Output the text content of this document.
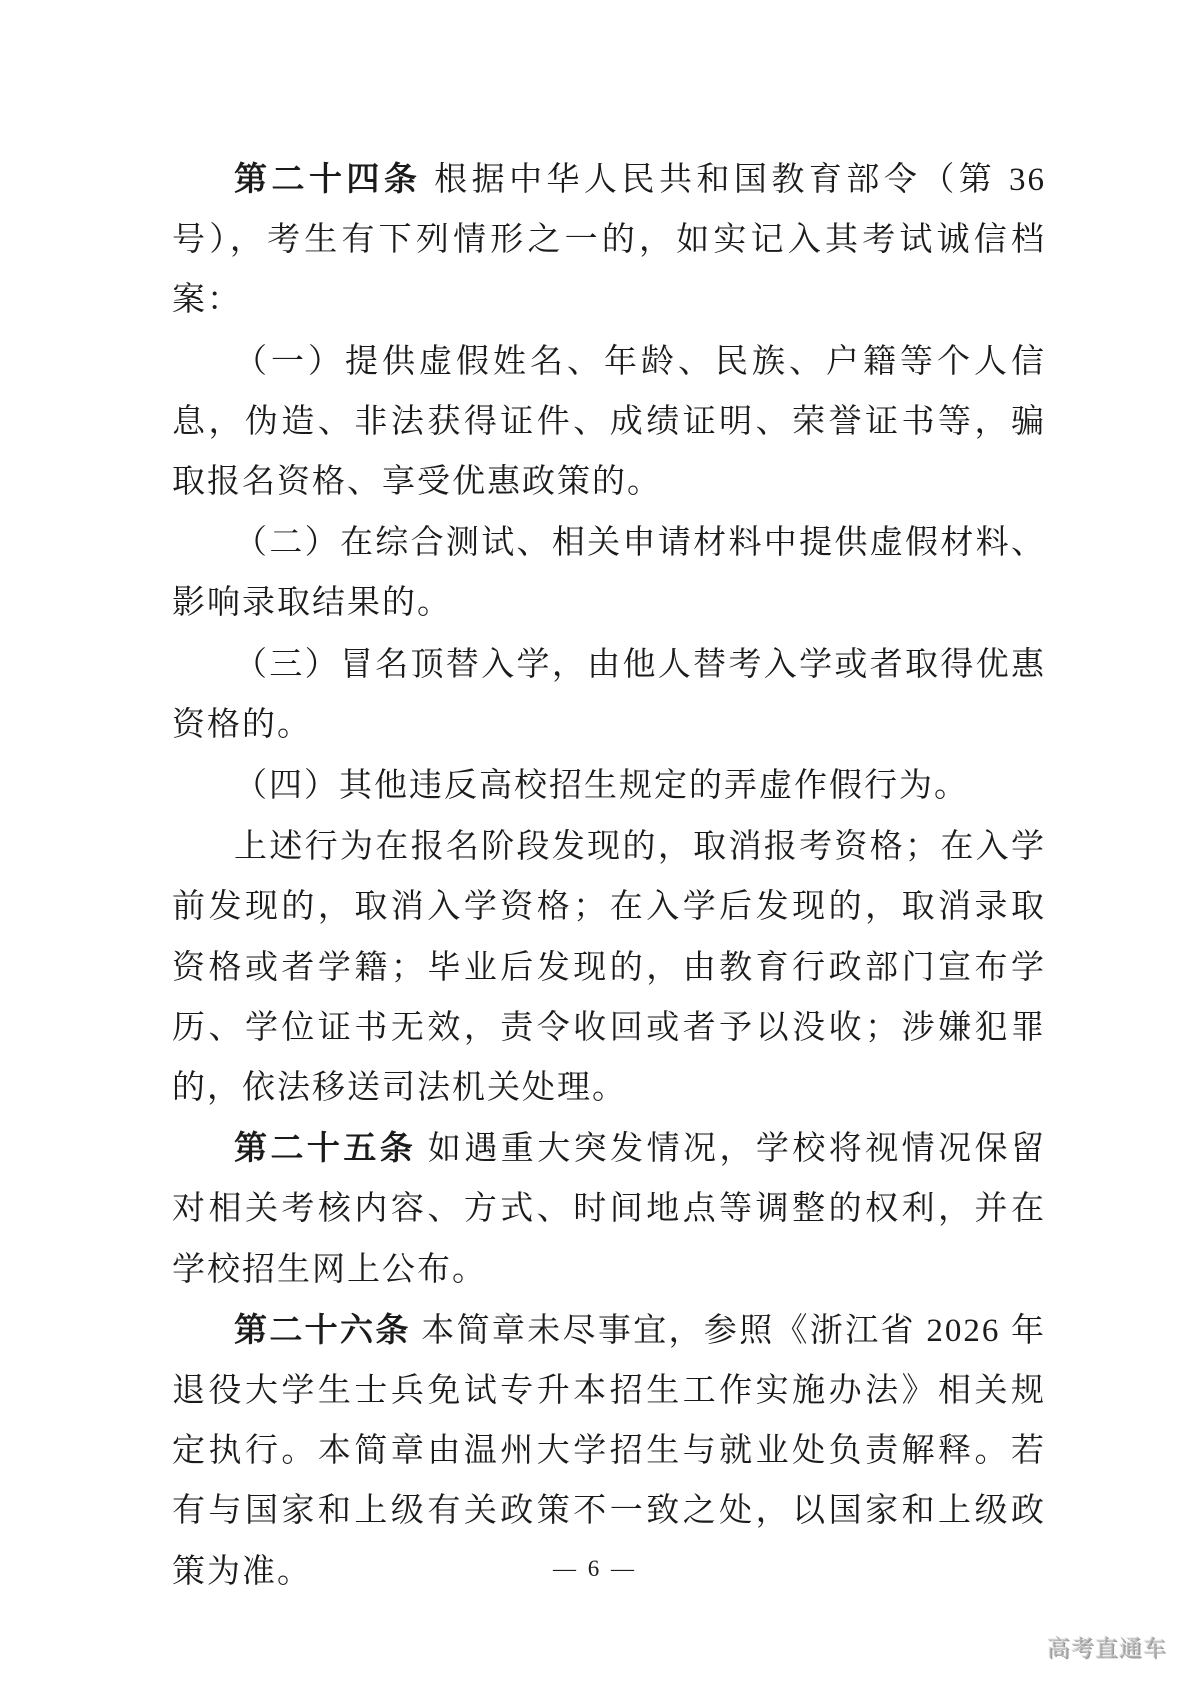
第二十四条 根据中华人民共和国教育部令（第 36 号），考生有下列情形之一的，如实记入其考试诚信档案：

（一）提供虚假姓名、年龄、民族、户籍等个人信息，伪造、非法获得证件、成绩证明、荣誉证书等，骗取报名资格、享受优惠政策的。

（二）在综合测试、相关申请材料中提供虚假材料、影响录取结果的。

（三）冒名顶替入学，由他人替考入学或者取得优惠资格的。

（四）其他违反高校招生规定的弄虚作假行为。

上述行为在报名阶段发现的，取消报考资格；在入学前发现的，取消入学资格；在入学后发现的，取消录取资格或者学籍；毕业后发现的，由教育行政部门宣布学历、学位证书无效，责令收回或者予以没收；涉嫌犯罪的，依法移送司法机关处理。

第二十五条 如遇重大突发情况，学校将视情况保留对相关考核内容、方式、时间地点等调整的权利，并在学校招生网上公布。

第二十六条 本简章未尽事宜，参照《浙江省 2026 年退役大学生士兵免试专升本招生工作实施办法》相关规定执行。本简章由温州大学招生与就业处负责解释。若有与国家和上级有关政策不一致之处，以国家和上级政策为准。	— 6 —
高考直通车
